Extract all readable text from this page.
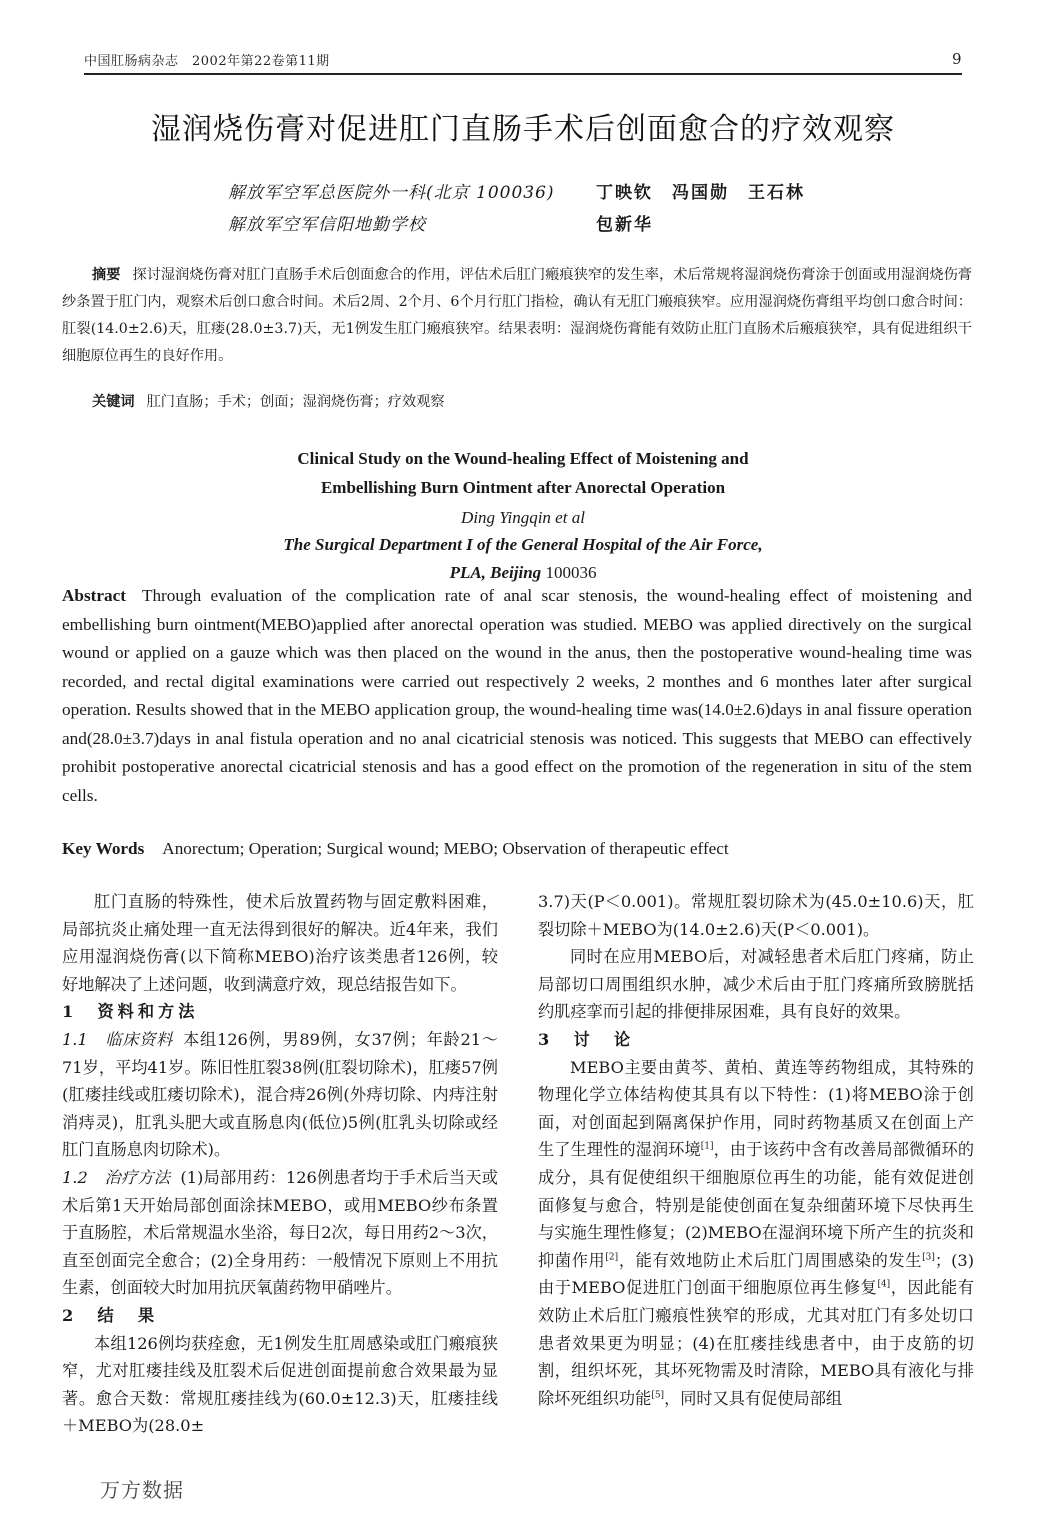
中国肛肠病杂志　2002年第22卷第11期	9
湿润烧伤膏对促进肛门直肠手术后创面愈合的疗效观察
解放军空军总医院外一科(北京 100036) 丁映钦　冯国勋　王石林
解放军空军信阳地勤学校	包新华
摘要 探讨湿润烧伤膏对肛门直肠手术后创面愈合的作用，评估术后肛门瘢痕狭窄的发生率，术后常规将湿润烧伤膏涂于创面或用湿润烧伤膏纱条置于肛门内，观察术后创口愈合时间。术后2周、2个月、6个月行肛门指检，确认有无肛门瘢痕狭窄。应用湿润烧伤膏组平均创口愈合时间：肛裂(14.0±2.6)天，肛瘘(28.0±3.7)天，无1例发生肛门瘢痕狭窄。结果表明：湿润烧伤膏能有效防止肛门直肠术后瘢痕狭窄，具有促进组织干细胞原位再生的良好作用。
关键词 肛门直肠；手术；创面；湿润烧伤膏；疗效观察
Clinical Study on the Wound-healing Effect of Moistening and
Embellishing Burn Ointment after Anorectal Operation
Ding Yingqin et al
The Surgical Department I of the General Hospital of the Air Force,
PLA, Beijing 100036
Abstract Through evaluation of the complication rate of anal scar stenosis, the wound-healing effect of moistening and embellishing burn ointment(MEBO)applied after anorectal operation was studied. MEBO was applied directively on the surgical wound or applied on a gauze which was then placed on the wound in the anus, then the postoperative wound-healing time was recorded, and rectal digital examinations were carried out respectively 2 weeks, 2 monthes and 6 monthes later after surgical operation. Results showed that in the MEBO application group, the wound-healing time was(14.0±2.6)days in anal fissure operation and(28.0±3.7)days in anal fistula operation and no anal cicatricial stenosis was noticed. This suggests that MEBO can effectively prohibit postoperative anorectal cicatricial stenosis and has a good effect on the promotion of the regeneration in situ of the stem cells.
Key Words Anorectum; Operation; Surgical wound; MEBO; Observation of therapeutic effect

肛门直肠的特殊性，使术后放置药物与固定敷料困难，局部抗炎止痛处理一直无法得到很好的解决。近4年来，我们应用湿润烧伤膏(以下简称MEBO)治疗该类患者126例，较好地解决了上述问题，收到满意疗效，现总结报告如下。

1　资料和方法

1.1　临床资料 本组126例，男89例，女37例；年龄21～71岁，平均41岁。陈旧性肛裂38例(肛裂切除术)，肛瘘57例(肛瘘挂线或肛瘘切除术)，混合痔26例(外痔切除、内痔注射消痔灵)，肛乳头肥大或直肠息肉(低位)5例(肛乳头切除或经肛门直肠息肉切除术)。

1.2　治疗方法 (1)局部用药：126例患者均于手术后当天或术后第1天开始局部创面涂抹MEBO，或用MEBO纱布条置于直肠腔，术后常规温水坐浴，每日2次，每日用药2～3次，直至创面完全愈合；(2)全身用药：一般情况下原则上不用抗生素，创面较大时加用抗厌氧菌药物甲硝唑片。

2　结　果

本组126例均获痊愈，无1例发生肛周感染或肛门瘢痕狭窄，尤对肛瘘挂线及肛裂术后促进创面提前愈合效果最为显著。愈合天数：常规肛瘘挂线为(60.0±12.3)天，肛瘘挂线＋MEBO为(28.0±

3.7)天(P＜0.001)。常规肛裂切除术为(45.0±10.6)天，肛裂切除＋MEBO为(14.0±2.6)天(P＜0.001)。

同时在应用MEBO后，对减轻患者术后肛门疼痛，防止局部切口周围组织水肿，减少术后由于肛门疼痛所致膀胱括约肌痉挛而引起的排便排尿困难，具有良好的效果。

3　讨　论

MEBO主要由黄芩、黄柏、黄连等药物组成，其特殊的物理化学立体结构使其具有以下特性：(1)将MEBO涂于创面，对创面起到隔离保护作用，同时药物基质又在创面上产生了生理性的湿润环境[1]，由于该药中含有改善局部微循环的成分，具有促使组织干细胞原位再生的功能，能有效促进创面修复与愈合，特别是能使创面在复杂细菌环境下尽快再生与实施生理性修复；(2)MEBO在湿润环境下所产生的抗炎和抑菌作用[2]，能有效地防止术后肛门周围感染的发生[3]；(3)由于MEBO促进肛门创面干细胞原位再生修复[4]，因此能有效防止术后肛门瘢痕性狭窄的形成，尤其对肛门有多处切口患者效果更为明显；(4)在肛瘘挂线患者中，由于皮筋的切割，组织坏死，其坏死物需及时清除，MEBO具有液化与排除坏死组织功能[5]，同时又具有促使局部组

万方数据
